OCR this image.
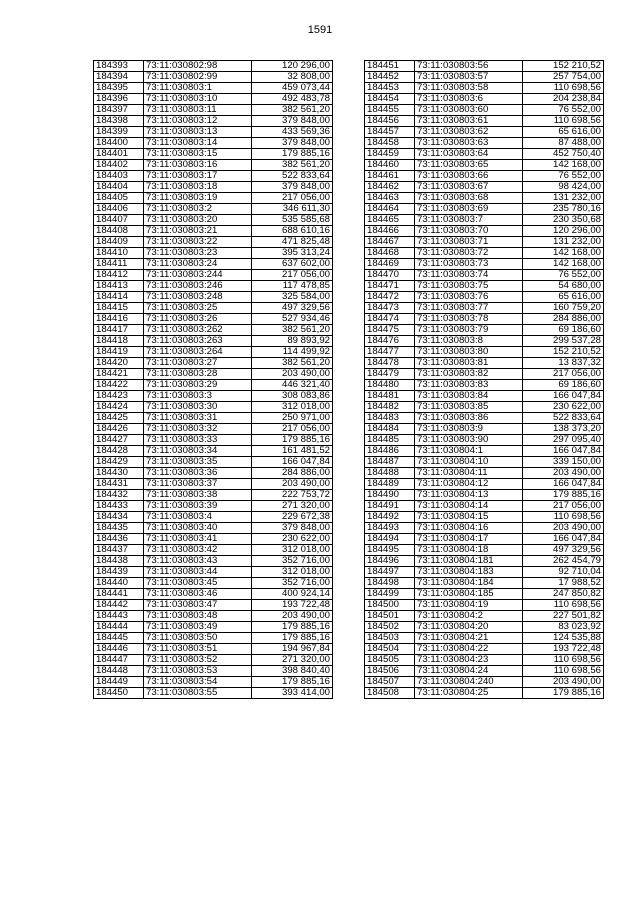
1591
184393	73:11:030802:98	120 296,00
184394	73:11:030802:99	32 808,00
184395	73:11:030803:1	459 073,44
184396	73:11:030803:10	492 483,78
184397	73:11:030803:11	382 561,20
184398	73:11:030803:12	379 848,00
184399	73:11:030803:13	433 569,36
184400	73:11:030803:14	379 848,00
184401	73:11:030803:15	179 885,16
184402	73:11:030803:16	382 561,20
184403	73:11:030803:17	522 833,64
184404	73:11:030803:18	379 848,00
184405	73:11:030803:19	217 056,00
184406	73:11:030803:2	346 611,30
184407	73:11:030803:20	535 585,68
184408	73:11:030803:21	688 610,16
184409	73:11:030803:22	471 825,48
184410	73:11:030803:23	395 313,24
184411	73:11:030803:24	637 602,00
184412	73:11:030803:244	217 056,00
184413	73:11:030803:246	117 478,85
184414	73:11:030803:248	325 584,00
184415	73:11:030803:25	497 329,56
184416	73:11:030803:26	527 934,46
184417	73:11:030803:262	382 561,20
184418	73:11:030803:263	89 893,92
184419	73:11:030803:264	114 499,92
184420	73:11:030803:27	382 561,20
184421	73:11:030803:28	203 490,00
184422	73:11:030803:29	446 321,40
184423	73:11:030803:3	308 083,86
184424	73:11:030803:30	312 018,00
184425	73:11:030803:31	250 971,00
184426	73:11:030803:32	217 056,00
184427	73:11:030803:33	179 885,16
184428	73:11:030803:34	161 481,52
184429	73:11:030803:35	166 047,84
184430	73:11:030803:36	284 886,00
184431	73:11:030803:37	203 490,00
184432	73:11:030803:38	222 753,72
184433	73:11:030803:39	271 320,00
184434	73:11:030803:4	229 672,38
184435	73:11:030803:40	379 848,00
184436	73:11:030803:41	230 622,00
184437	73:11:030803:42	312 018,00
184438	73:11:030803:43	352 716,00
184439	73:11:030803:44	312 018,00
184440	73:11:030803:45	352 716,00
184441	73:11:030803:46	400 924,14
184442	73:11:030803:47	193 722,48
184443	73:11:030803:48	203 490,00
184444	73:11:030803:49	179 885,16
184445	73:11:030803:50	179 885,16
184446	73:11:030803:51	194 967,84
184447	73:11:030803:52	271 320,00
184448	73:11:030803:53	398 840,40
184449	73:11:030803:54	179 885,16
184450	73:11:030803:55	393 414,00
184451	73:11:030803:56	152 210,52
184452	73:11:030803:57	257 754,00
184453	73:11:030803:58	110 698,56
184454	73:11:030803:6	204 238,84
184455	73:11:030803:60	76 552,00
184456	73:11:030803:61	110 698,56
184457	73:11:030803:62	65 616,00
184458	73:11:030803:63	87 488,00
184459	73:11:030803:64	452 750,40
184460	73:11:030803:65	142 168,00
184461	73:11:030803:66	76 552,00
184462	73:11:030803:67	98 424,00
184463	73:11:030803:68	131 232,00
184464	73:11:030803:69	235 780,16
184465	73:11:030803:7	230 350,68
184466	73:11:030803:70	120 296,00
184467	73:11:030803:71	131 232,00
184468	73:11:030803:72	142 168,00
184469	73:11:030803:73	142 168,00
184470	73:11:030803:74	76 552,00
184471	73:11:030803:75	54 680,00
184472	73:11:030803:76	65 616,00
184473	73:11:030803:77	160 759,20
184474	73:11:030803:78	284 886,00
184475	73:11:030803:79	69 186,60
184476	73:11:030803:8	299 537,28
184477	73:11:030803:80	152 210,52
184478	73:11:030803:81	13 837,32
184479	73:11:030803:82	217 056,00
184480	73:11:030803:83	69 186,60
184481	73:11:030803:84	166 047,84
184482	73:11:030803:85	230 622,00
184483	73:11:030803:86	522 833,64
184484	73:11:030803:9	138 373,20
184485	73:11:030803:90	297 095,40
184486	73:11:030804:1	166 047,84
184487	73:11:030804:10	339 150,00
184488	73:11:030804:11	203 490,00
184489	73:11:030804:12	166 047,84
184490	73:11:030804:13	179 885,16
184491	73:11:030804:14	217 056,00
184492	73:11:030804:15	110 698,56
184493	73:11:030804:16	203 490,00
184494	73:11:030804:17	166 047,84
184495	73:11:030804:18	497 329,56
184496	73:11:030804:181	262 454,79
184497	73:11:030804:183	92 710,04
184498	73:11:030804:184	17 988,52
184499	73:11:030804:185	247 850,82
184500	73:11:030804:19	110 698,56
184501	73:11:030804:2	227 501,82
184502	73:11:030804:20	83 023,92
184503	73:11:030804:21	124 535,88
184504	73:11:030804:22	193 722,48
184505	73:11:030804:23	110 698,56
184506	73:11:030804:24	110 698,56
184507	73:11:030804:240	203 490,00
184508	73:11:030804:25	179 885,16
